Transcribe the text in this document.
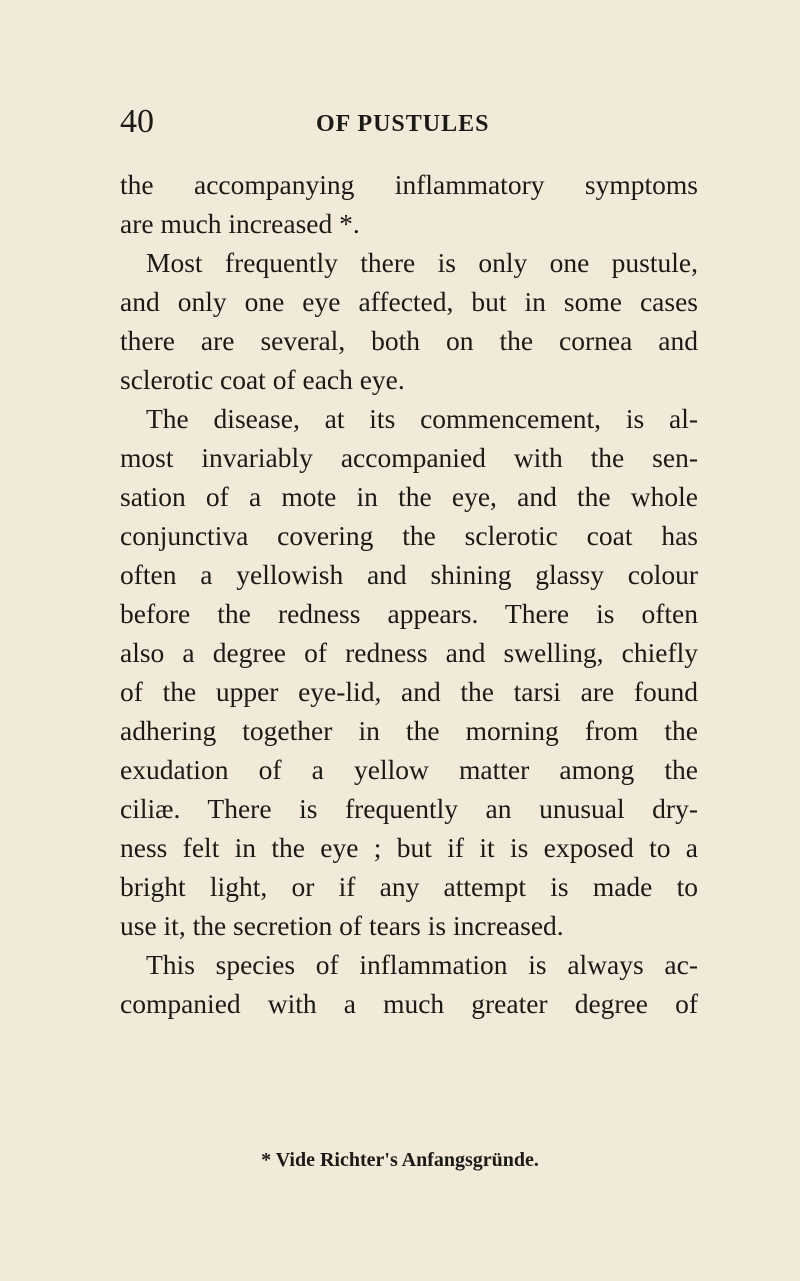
40	OF PUSTULES
the accompanying inflammatory symptoms
are much increased *.
Most frequently there is only one pustule,
and only one eye affected, but in some cases
there are several, both on the cornea and
sclerotic coat of each eye.
The disease, at its commencement, is al-
most invariably accompanied with the sen-
sation of a mote in the eye, and the whole
conjunctiva covering the sclerotic coat has
often a yellowish and shining glassy colour
before the redness appears. There is often
also a degree of redness and swelling, chiefly
of the upper eye-lid, and the tarsi are found
adhering together in the morning from the
exudation of a yellow matter among the
ciliæ. There is frequently an unusual dry-
ness felt in the eye ; but if it is exposed to a
bright light, or if any attempt is made to
use it, the secretion of tears is increased.
This species of inflammation is always ac-
companied with a much greater degree of
* Vide Richter's Anfangsgründe.
